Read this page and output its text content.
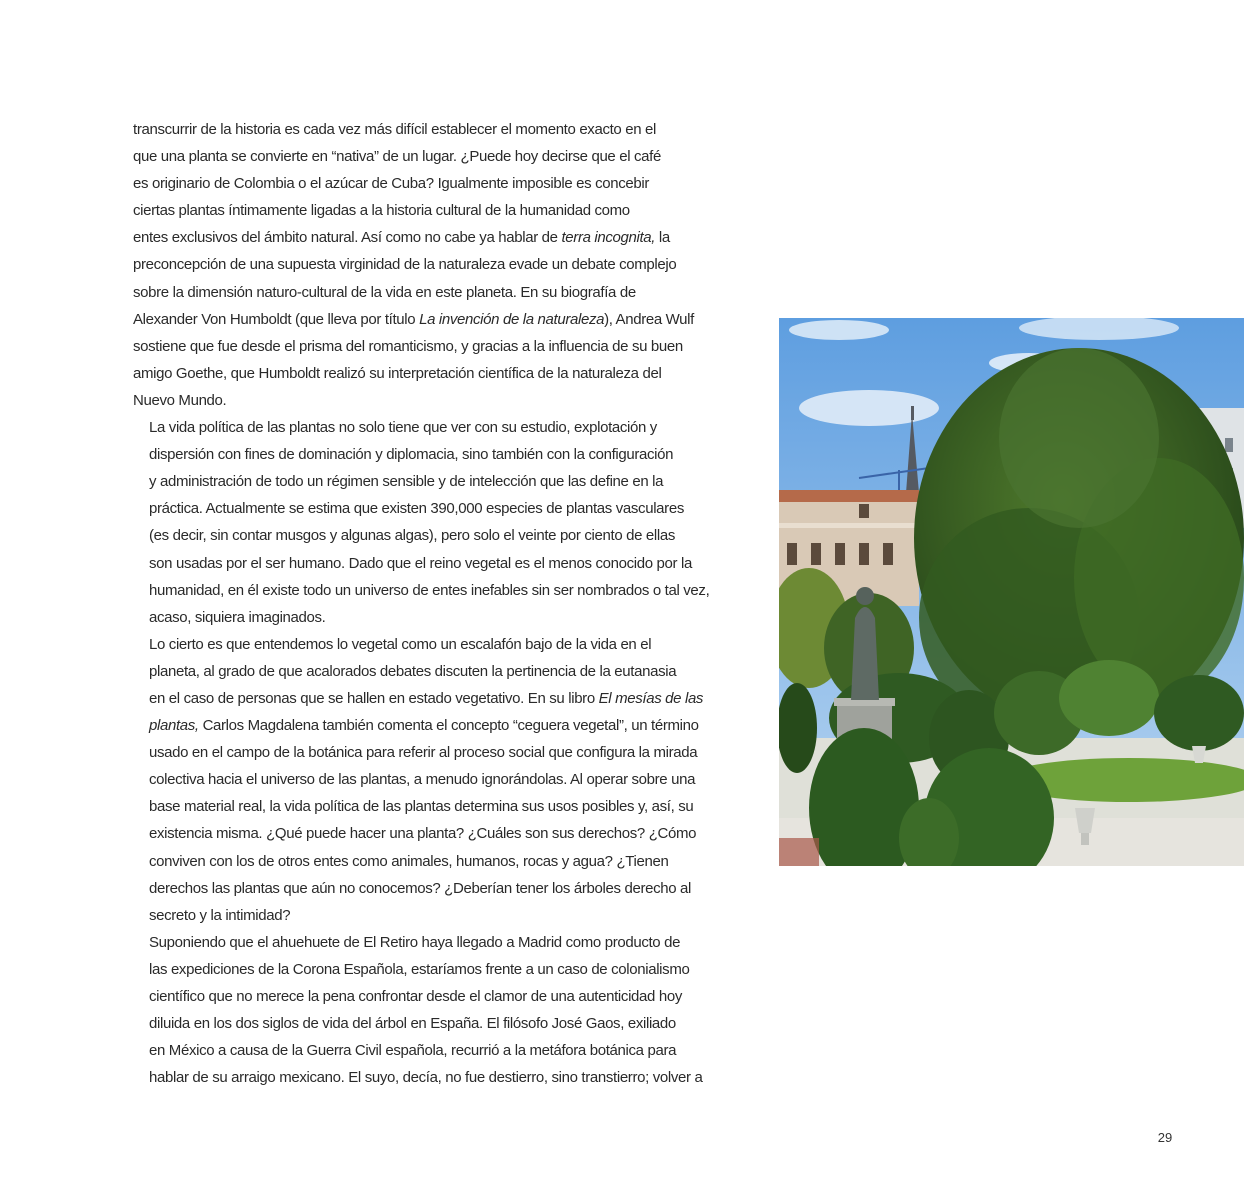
transcurrir de la historia es cada vez más difícil establecer el momento exacto en el
que una planta se convierte en “nativa” de un lugar. ¿Puede hoy decirse que el café
es originario de Colombia o el azúcar de Cuba? Igualmente imposible es concebir
ciertas plantas íntimamente ligadas a la historia cultural de la humanidad como
entes exclusivos del ámbito natural. Así como no cabe ya hablar de terra incognita, la
preconcepción de una supuesta virginidad de la naturaleza evade un debate complejo
sobre la dimensión naturo-cultural de la vida en este planeta. En su biografía de
Alexander Von Humboldt (que lleva por título La invención de la naturaleza), Andrea Wulf
sostiene que fue desde el prisma del romanticismo, y gracias a la influencia de su buen
amigo Goethe, que Humboldt realizó su interpretación científica de la naturaleza del
Nuevo Mundo.

La vida política de las plantas no solo tiene que ver con su estudio, explotación y
dispersión con fines de dominación y diplomacia, sino también con la configuración
y administración de todo un régimen sensible y de intelección que las define en la
práctica. Actualmente se estima que existen 390,000 especies de plantas vasculares
(es decir, sin contar musgos y algunas algas), pero solo el veinte por ciento de ellas
son usadas por el ser humano. Dado que el reino vegetal es el menos conocido por la
humanidad, en él existe todo un universo de entes inefables sin ser nombrados o tal vez,
acaso, siquiera imaginados.

Lo cierto es que entendemos lo vegetal como un escalafón bajo de la vida en el
planeta, al grado de que acalorados debates discuten la pertinencia de la eutanasia
en el caso de personas que se hallen en estado vegetativo. En su libro El mesías de las
plantas, Carlos Magdalena también comenta el concepto “ceguera vegetal”, un término
usado en el campo de la botánica para referir al proceso social que configura la mirada
colectiva hacia el universo de las plantas, a menudo ignorándolas. Al operar sobre una
base material real, la vida política de las plantas determina sus usos posibles y, así, su
existencia misma. ¿Qué puede hacer una planta? ¿Cuáles son sus derechos? ¿Cómo
conviven con los de otros entes como animales, humanos, rocas y agua? ¿Tienen
derechos las plantas que aún no conocemos? ¿Deberían tener los árboles derecho al
secreto y la intimidad?

Suponiendo que el ahuehuete de El Retiro haya llegado a Madrid como producto de
las expediciones de la Corona Española, estaríamos frente a un caso de colonialismo
científico que no merece la pena confrontar desde el clamor de una autenticidad hoy
diluida en los dos siglos de vida del árbol en España. El filósofo José Gaos, exiliado
en México a causa de la Guerra Civil española, recurrió a la metáfora botánica para
hablar de su arraigo mexicano. El suyo, decía, no fue destierro, sino transtierro; volver a

29
